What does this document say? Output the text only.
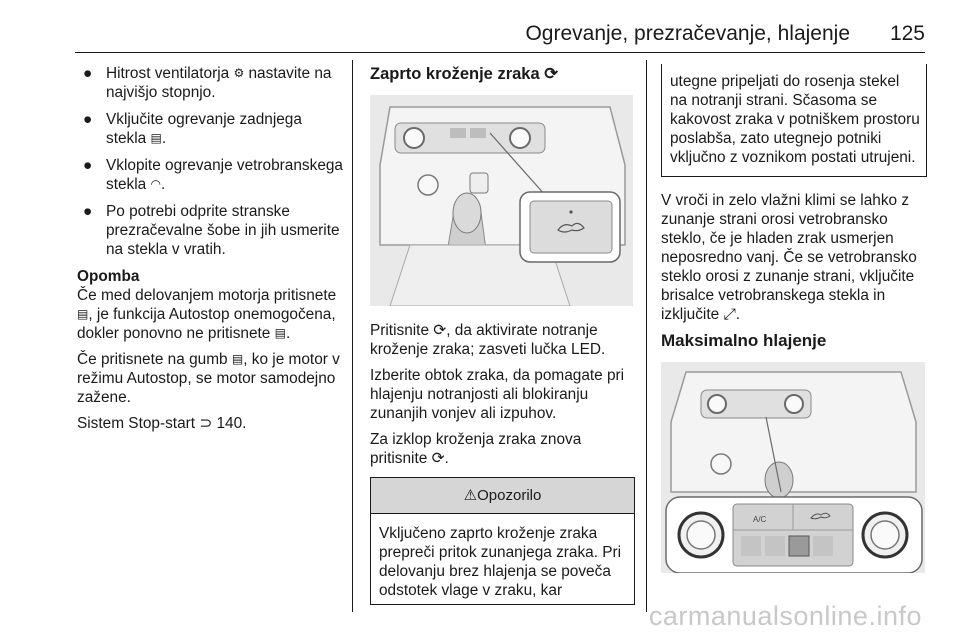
Ogrevanje, prezračevanje, hlajenje 125
● Hitrost ventilatorja ⚙ nastavite na najvišjo stopnjo.
● Vključite ogrevanje zadnjega stekla ▤.
● Vklopite ogrevanje vetrobranskega stekla ◠.
● Po potrebi odprite stranske prezračevalne šobe in jih usmerite na stekla v vratih.
Opomba

Če med delovanjem motorja pritisnete ▤, je funkcija Autostop onemogočena, dokler ponovno ne pritisnete ▤.

Če pritisnete na gumb ▤, ko je motor v režimu Autostop, se motor samodejno zažene.

Sistem Stop-start ⊃ 140.

Zaprto kroženje zraka ⟳

Pritisnite ⟳, da aktivirate notranje kroženje zraka; zasveti lučka LED.

Izberite obtok zraka, da pomagate pri hlajenju notranjosti ali blokiranju zunanjih vonjev ali izpuhov.

Za izklop kroženja zraka znova pritisnite ⟳.

⚠Opozorilo
Vključeno zaprto kroženje zraka prepreči pritok zunanjega zraka. Pri delovanju brez hlajenja se poveča odstotek vlage v zraku, kar
utegne pripeljati do rosenja stekel na notranji strani. Sčasoma se kakovost zraka v potniškem prostoru poslabša, zato utegnejo potniki vključno z voznikom postati utrujeni.

V vroči in zelo vlažni klimi se lahko z zunanje strani orosi vetrobransko steklo, če je hladen zrak usmerjen neposredno vanj. Če se vetrobransko steklo orosi z zunanje strani, vključite brisalce vetrobranskega stekla in izključite ⤢.

Maksimalno hlajenje
A/C
carmanualsonline.info
